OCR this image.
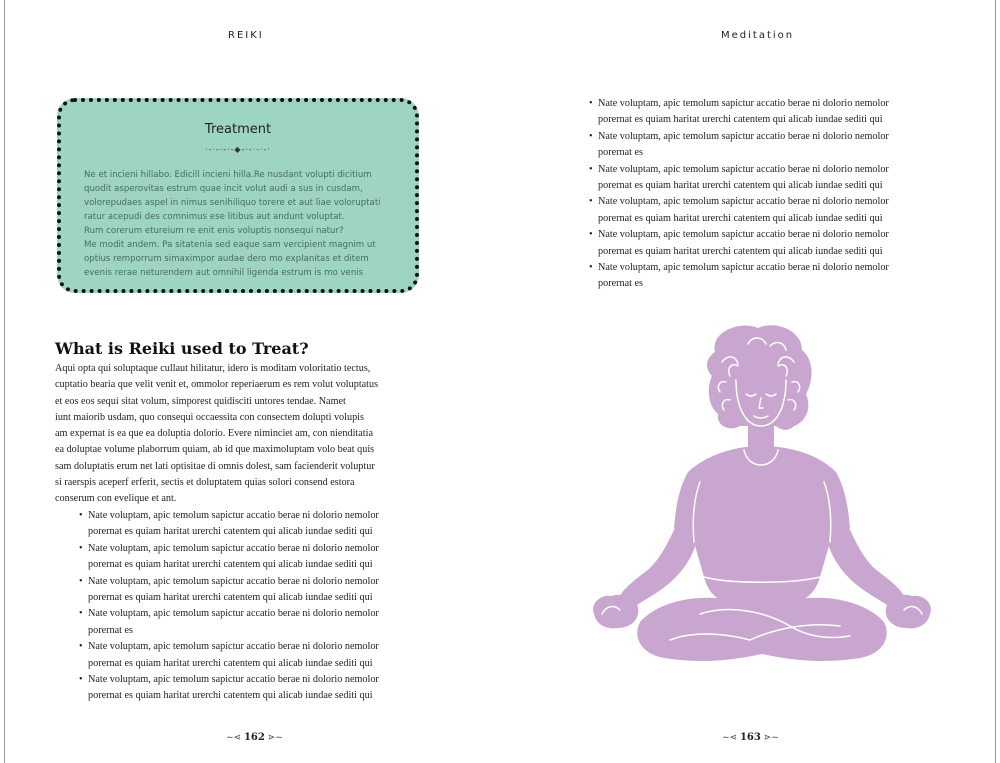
REIKI
Treatment
·-·-·-·-◆-·-·-·-·
Ne et incieni hillabo. Edicill incieni hilla.Re nusdant volupti dicitium
quodit asperovitas estrum quae incit volut audi a sus in cusdam,
volorepudaes aspel in nimus senihiliquo torere et aut liae voloruptati
ratur acepudi des comnimus ese litibus aut andunt voluptat.
Rum corerum etureium re enit enis voluptis nonsequi natur?
Me modit andem. Pa sitatenia sed eaque sam vercipient magnim ut
optius remporrum simaximpor audae dero mo explanitas et ditem
evenis rerae neturendem aut omnihil ligenda estrum is mo venis
What is Reiki used to Treat?
Aqui opta qui soluptaque cullaut hilitatur, idero is moditam voloritatio tectus,
cuptatio bearia que velit venit et, ommolor reperiaerum es rem volut voluptatus
et eos eos sequi sitat volum, simporest quidisciti untores tendae. Namet
iunt maiorib usdam, quo consequi occaessita con consectem dolupti volupis
am expernat is ea que ea doluptia dolorio. Evere niminciet am, con nienditatia
ea doluptae volume plaborrum quiam, ab id que maximoluptam volo beat quis
sam doluptatis erum net lati optisitae di omnis dolest, sam facienderit voluptur
si raerspis aceperf erferit, sectis et doluptatem quias solori consend estora
conserum con evelique et ant.
• Nate voluptam, apic temolum sapictur accatio berae ni dolorio nemolor
porernat es quiam haritat urerchi catentem qui alicab iundae sediti qui
• Nate voluptam, apic temolum sapictur accatio berae ni dolorio nemolor
porernat es quiam haritat urerchi catentem qui alicab iundae sediti qui
• Nate voluptam, apic temolum sapictur accatio berae ni dolorio nemolor
porernat es quiam haritat urerchi catentem qui alicab iundae sediti qui
• Nate voluptam, apic temolum sapictur accatio berae ni dolorio nemolor
porernat es
• Nate voluptam, apic temolum sapictur accatio berae ni dolorio nemolor
porernat es quiam haritat urerchi catentem qui alicab iundae sediti qui
• Nate voluptam, apic temolum sapictur accatio berae ni dolorio nemolor
porernat es quiam haritat urerchi catentem qui alicab iundae sediti qui
~⋖ 162 ⋗~
Meditation
• Nate voluptam, apic temolum sapictur accatio berae ni dolorio nemolor
porernat es quiam haritat urerchi catentem qui alicab iundae sediti qui
• Nate voluptam, apic temolum sapictur accatio berae ni dolorio nemolor
porernat es
• Nate voluptam, apic temolum sapictur accatio berae ni dolorio nemolor
porernat es quiam haritat urerchi catentem qui alicab iundae sediti qui
• Nate voluptam, apic temolum sapictur accatio berae ni dolorio nemolor
porernat es quiam haritat urerchi catentem qui alicab iundae sediti qui
• Nate voluptam, apic temolum sapictur accatio berae ni dolorio nemolor
porernat es quiam haritat urerchi catentem qui alicab iundae sediti qui
• Nate voluptam, apic temolum sapictur accatio berae ni dolorio nemolor
porernat es
~⋖ 163 ⋗~
